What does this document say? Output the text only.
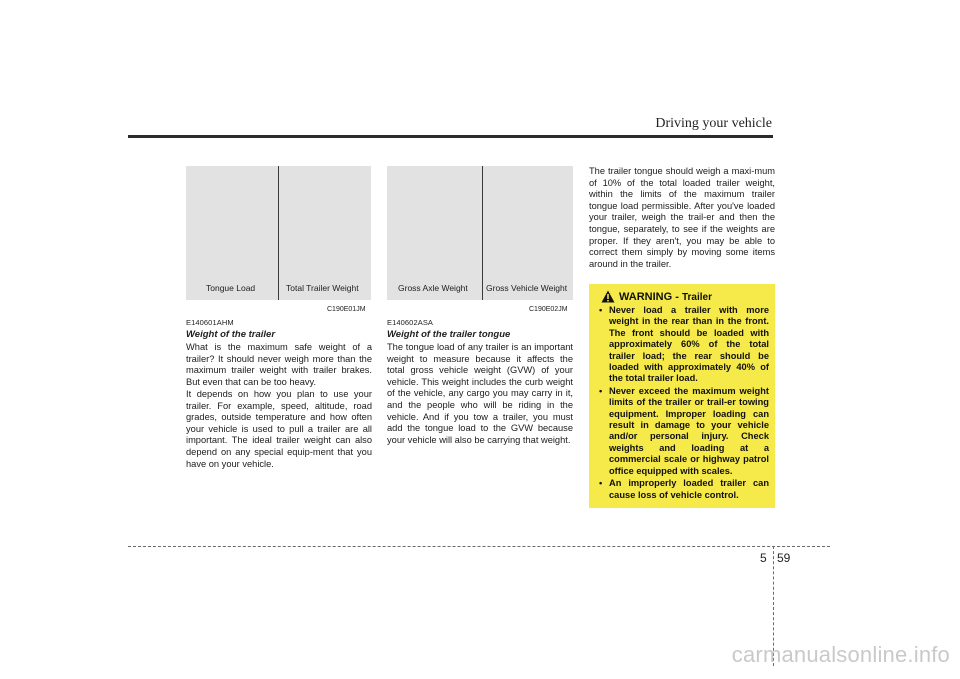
Driving your vehicle
Tongue Load	Total Trailer Weight
C190E01JM
E140601AHM
Weight of the trailer

What is the maximum safe weight of a trailer? It should never weigh more than the maximum trailer weight with trailer brakes. But even that can be too heavy.

It depends on how you plan to use your trailer. For example, speed, altitude, road grades, outside temperature and how often your vehicle is used to pull a trailer are all important. The ideal trailer weight can also depend on any special equip-ment that you have on your vehicle.

Gross Axle Weight Gross Vehicle Weight
C190E02JM
E140602ASA
Weight of the trailer tongue

The tongue load of any trailer is an important weight to measure because it affects the total gross vehicle weight (GVW) of your vehicle. This weight includes the curb weight of the vehicle, any cargo you may carry in it, and the people who will be riding in the vehicle. And if you tow a trailer, you must add the tongue load to the GVW because your vehicle will also be carrying that weight.

The trailer tongue should weigh a maxi-mum of 10% of the total loaded trailer weight, within the limits of the maximum trailer tongue load permissible. After you've loaded your trailer, weigh the trail-er and then the tongue, separately, to see if the weights are proper. If they aren't, you may be able to correct them simply by moving some items around in the trailer.

WARNING - Trailer
• Never load a trailer with more weight in the rear than in the front. The front should be loaded with approximately 60% of the total trailer load; the rear should be loaded with approximately 40% of the total trailer load.
• Never exceed the maximum weight limits of the trailer or trail-er towing equipment. Improper loading can result in damage to your vehicle and/or personal injury. Check weights and loading at a commercial scale or highway patrol office equipped with scales.
• An improperly loaded trailer can cause loss of vehicle control.
5 59
carmanualsonline.info
